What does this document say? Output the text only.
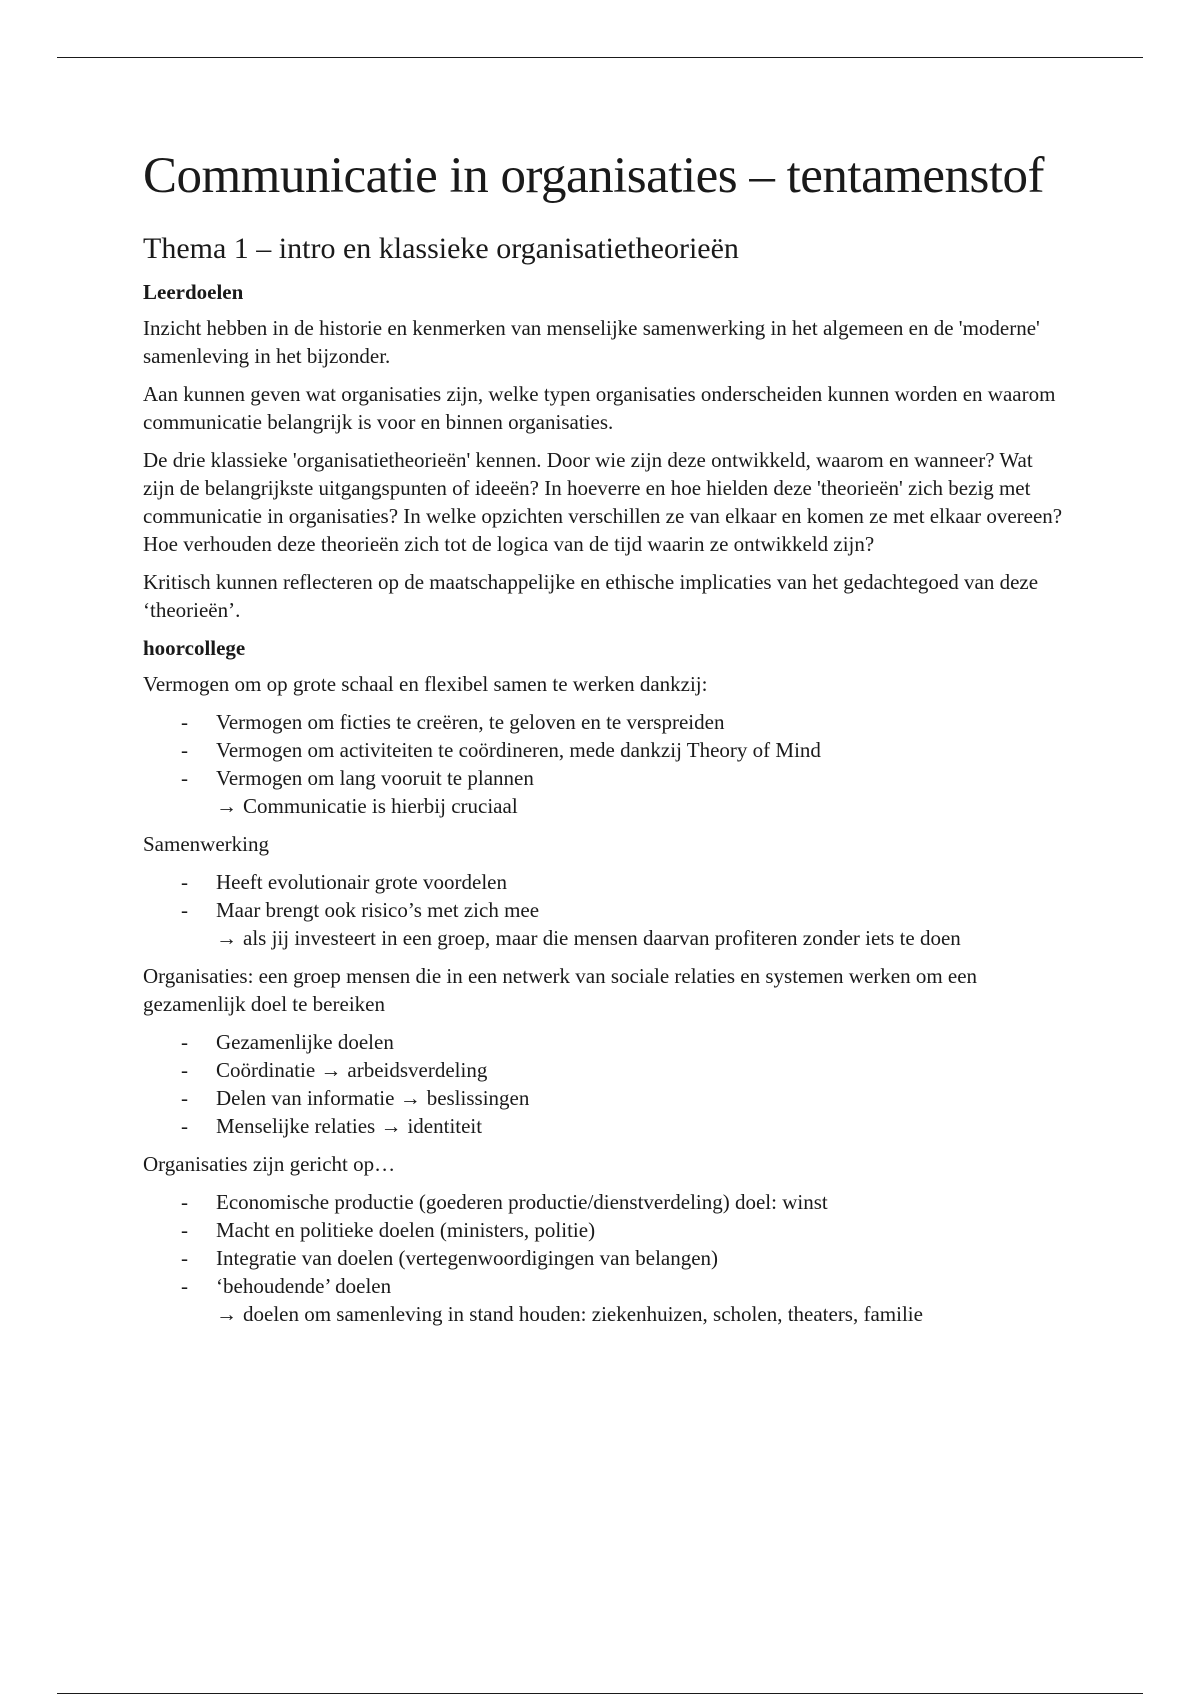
Communicatie in organisaties – tentamenstof
Thema 1 – intro en klassieke organisatietheorieën
Leerdoelen

Inzicht hebben in de historie en kenmerken van menselijke samenwerking in het algemeen en de 'moderne' samenleving in het bijzonder.

Aan kunnen geven wat organisaties zijn, welke typen organisaties onderscheiden kunnen worden en waarom communicatie belangrijk is voor en binnen organisaties.

De drie klassieke 'organisatietheorieën' kennen. Door wie zijn deze ontwikkeld, waarom en wanneer? Wat zijn de belangrijkste uitgangspunten of ideeën? In hoeverre en hoe hielden deze 'theorieën' zich bezig met communicatie in organisaties? In welke opzichten verschillen ze van elkaar en komen ze met elkaar overeen? Hoe verhouden deze theorieën zich tot de logica van de tijd waarin ze ontwikkeld zijn?

Kritisch kunnen reflecteren op de maatschappelijke en ethische implicaties van het gedachtegoed van deze ‘theorieën’.

hoorcollege

Vermogen om op grote schaal en flexibel samen te werken dankzij:

- Vermogen om ficties te creëren, te geloven en te verspreiden
- Vermogen om activiteiten te coördineren, mede dankzij Theory of Mind
- Vermogen om lang vooruit te plannen
→ Communicatie is hierbij cruciaal

Samenwerking

- Heeft evolutionair grote voordelen
- Maar brengt ook risico’s met zich mee
→ als jij investeert in een groep, maar die mensen daarvan profiteren zonder iets te doen

Organisaties: een groep mensen die in een netwerk van sociale relaties en systemen werken om een gezamenlijk doel te bereiken

- Gezamenlijke doelen
- Coördinatie → arbeidsverdeling
- Delen van informatie → beslissingen
- Menselijke relaties → identiteit

Organisaties zijn gericht op…

- Economische productie (goederen productie/dienstverdeling) doel: winst
- Macht en politieke doelen (ministers, politie)
- Integratie van doelen (vertegenwoordigingen van belangen)
- ‘behoudende’ doelen
→ doelen om samenleving in stand houden: ziekenhuizen, scholen, theaters, familie
